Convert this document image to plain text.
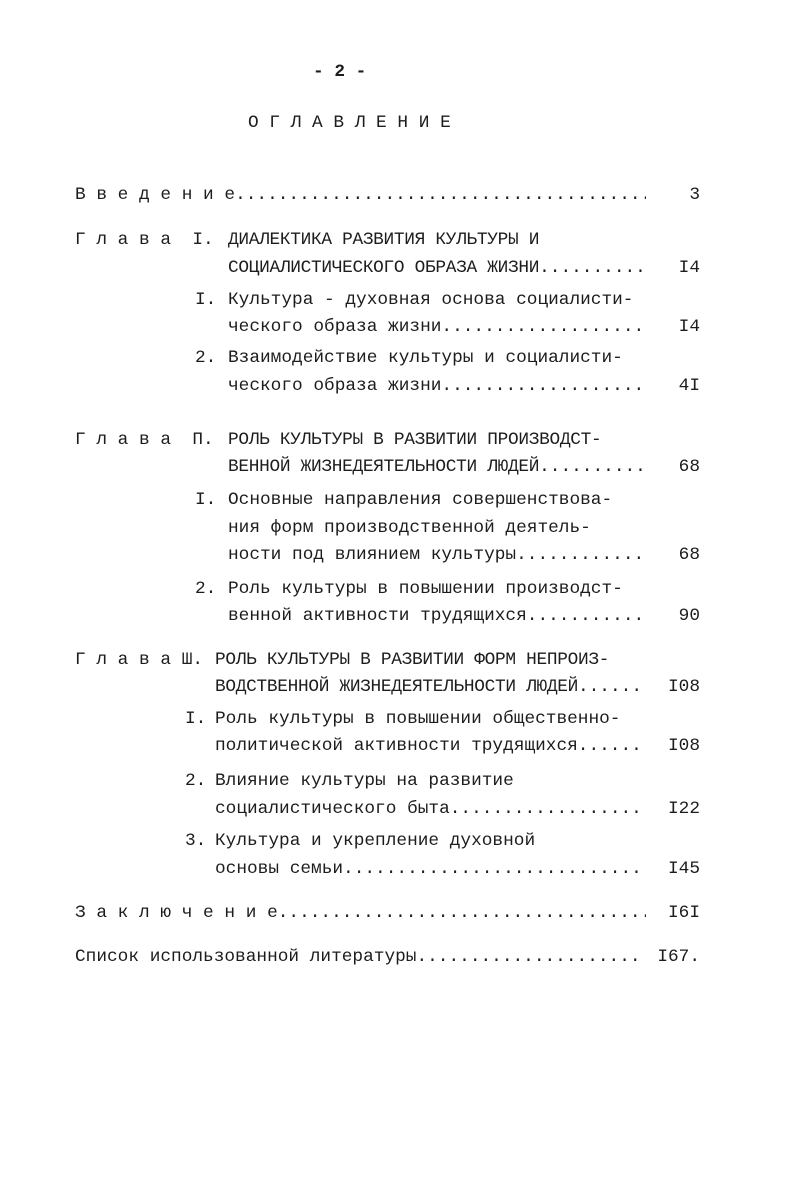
- 2 -
О Г Л А В Л Е Н И Е
В в е д е н и е .....	3
Г л а в а  I. ДИАЛЕКТИКА РАЗВИТИЯ КУЛЬТУРЫ И
СОЦИАЛИСТИЧЕСКОГО ОБРАЗА ЖИЗНИ .....	I4
I. Культура - духовная основа социалисти-
ческого образа жизни .....	I4
2. Взаимодействие культуры и социалисти-
ческого образа жизни .....	4I
Г л а в а  П. РОЛЬ КУЛЬТУРЫ В РАЗВИТИИ ПРОИЗВОДСТ-
ВЕННОЙ ЖИЗНЕДЕЯТЕЛЬНОСТИ ЛЮДЕЙ .....	68
I. Основные направления совершенствова-
ния форм производственной деятель-
ности под влиянием культуры .....	68
2. Роль культуры в повышении производст-
венной активности трудящихся .....	90
Г л а в а Ш. РОЛЬ КУЛЬТУРЫ В РАЗВИТИИ ФОРМ НЕПРОИЗ-
ВОДСТВЕННОЙ ЖИЗНЕДЕЯТЕЛЬНОСТИ ЛЮДЕЙ .....	I08
I. Роль культуры в повышении общественно-
политической активности трудящихся .....	I08
2. Влияние культуры на развитие
социалистического быта .....	I22
3. Культура и укрепление духовной
основы семьи .....	I45
З а к л ю ч е н и е .....	I6I
Список использованной литературы .....	I67.
